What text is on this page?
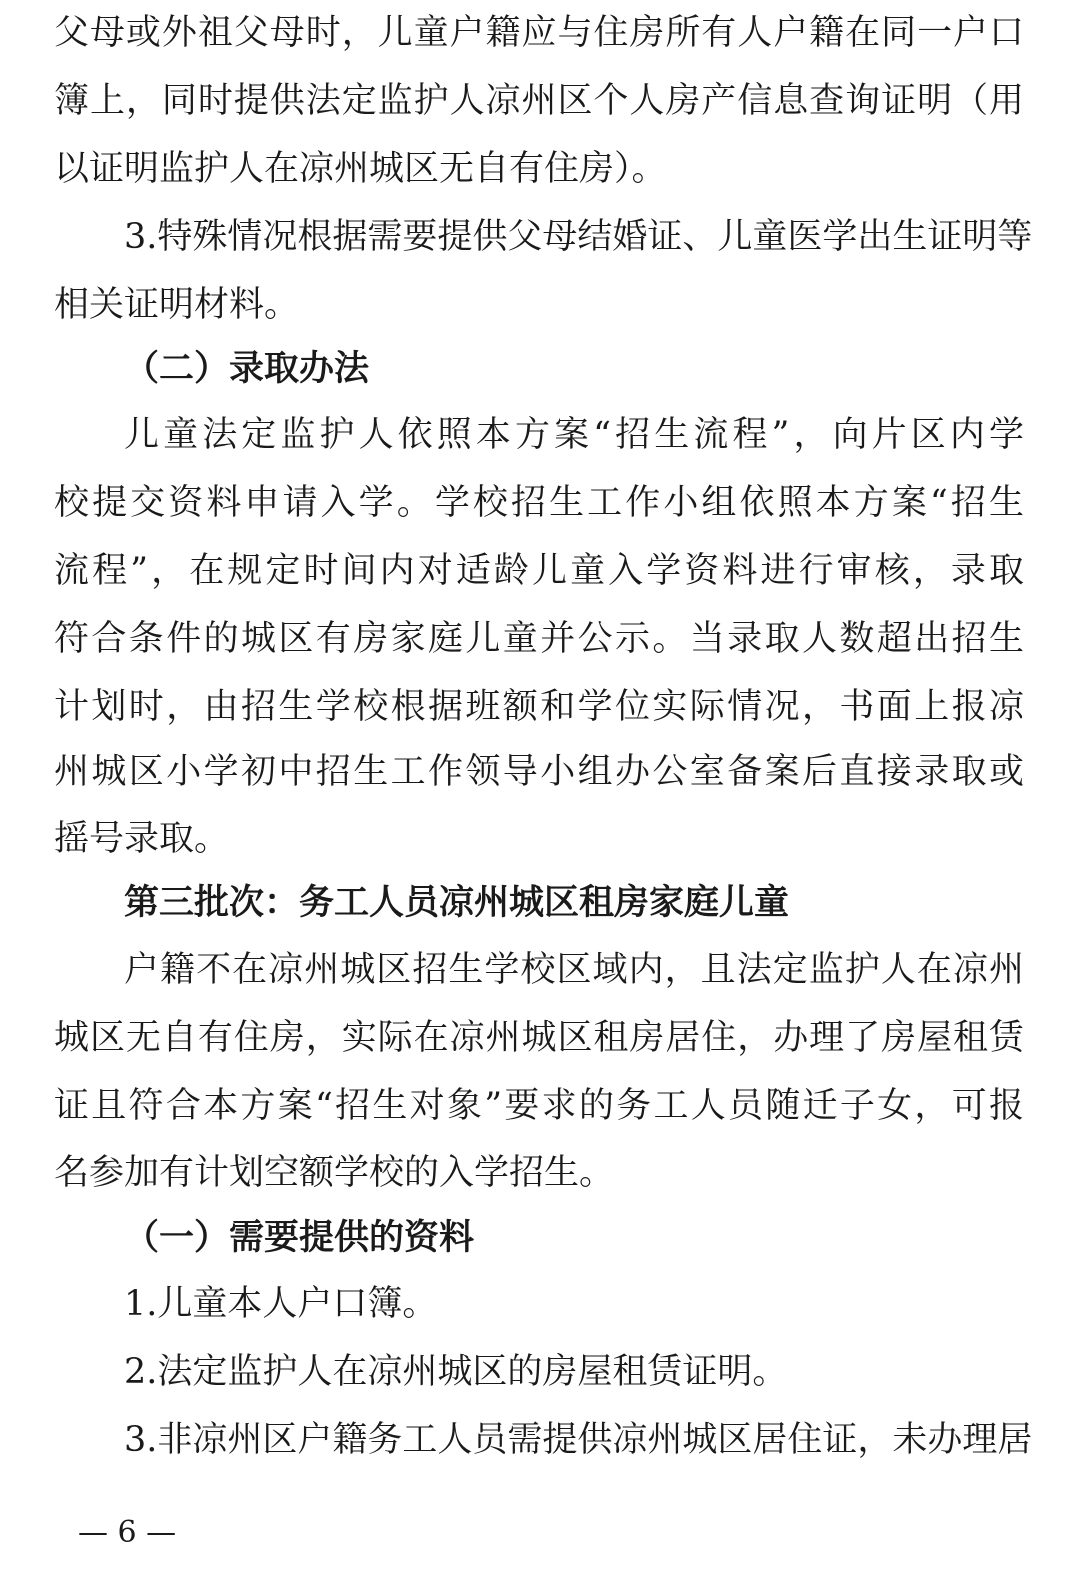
父母或外祖父母时，儿童户籍应与住房所有人户籍在同一户口
簿上，同时提供法定监护人凉州区个人房产信息查询证明（用
以证明监护人在凉州城区无自有住房）。
3.特殊情况根据需要提供父母结婚证、儿童医学出生证明等
相关证明材料。
（二）录取办法
儿童法定监护人依照本方案“招生流程”，向片区内学
校提交资料申请入学。学校招生工作小组依照本方案“招生
流程”，在规定时间内对适龄儿童入学资料进行审核，录取
符合条件的城区有房家庭儿童并公示。当录取人数超出招生
计划时，由招生学校根据班额和学位实际情况，书面上报凉
州城区小学初中招生工作领导小组办公室备案后直接录取或
摇号录取。
第三批次：务工人员凉州城区租房家庭儿童
户籍不在凉州城区招生学校区域内，且法定监护人在凉州
城区无自有住房，实际在凉州城区租房居住，办理了房屋租赁
证且符合本方案“招生对象”要求的务工人员随迁子女，可报
名参加有计划空额学校的入学招生。
（一）需要提供的资料
1.儿童本人户口簿。
2.法定监护人在凉州城区的房屋租赁证明。
3.非凉州区户籍务工人员需提供凉州城区居住证，未办理居
— 6 —
